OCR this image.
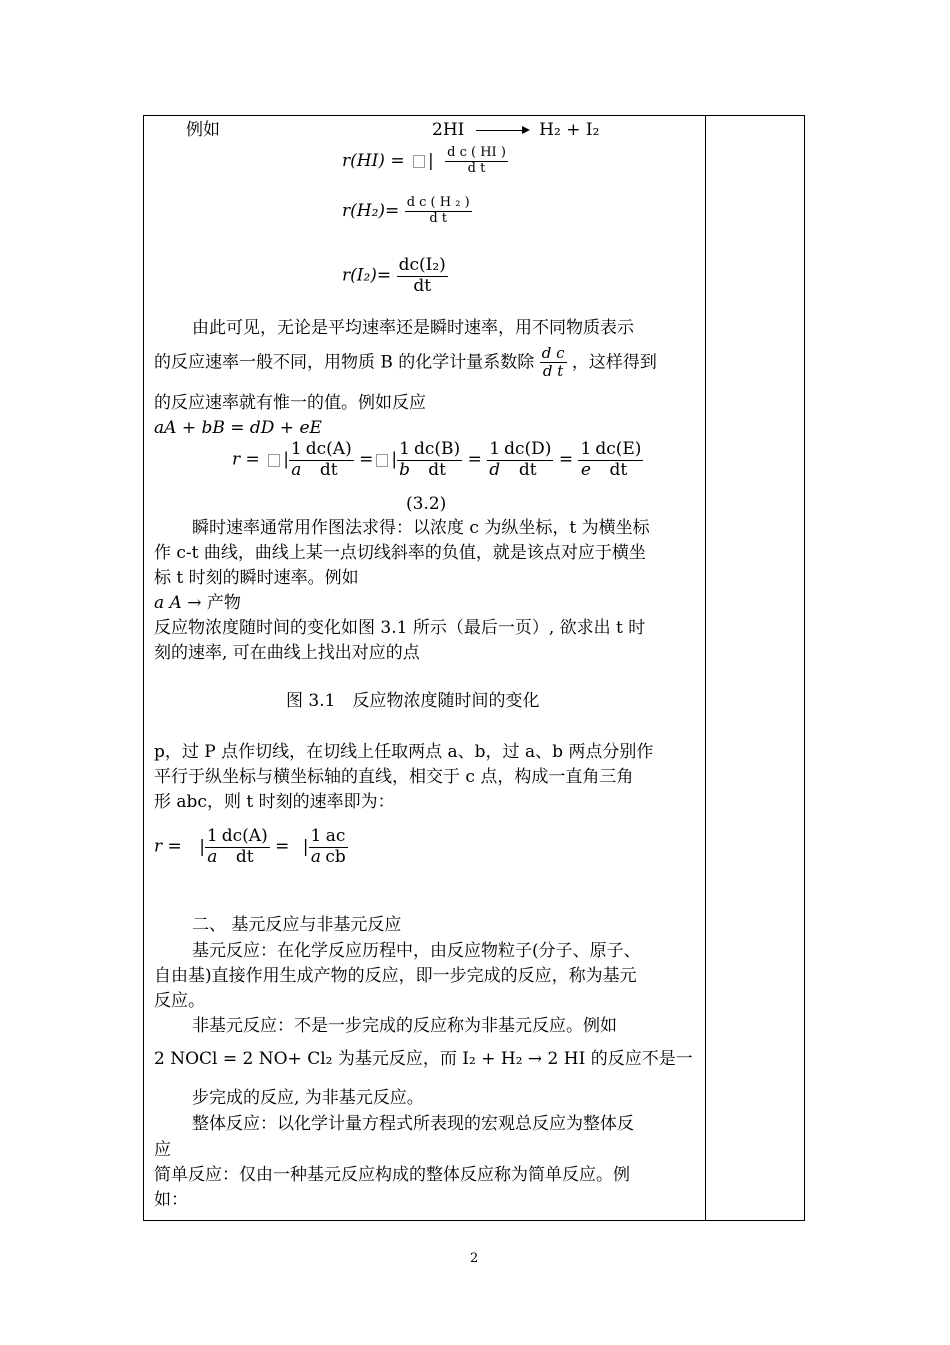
例如	2HI	H₂ + I₂
r(HI) = | $\frac{\text{d c ( HI )}}{\text{d t}}$
$r(H_2)= \frac{\text{d c ( H ₂ )}}{\text{d t}}$
$r(I_2)= \frac{\text{dc(I₂)}}{dt}$
由此可见，无论是平均速率还是瞬时速率，用不同物质表示
的反应速率一般不同，用物质 B 的化学计量系数除 $\frac{\text{d c}}{\text{d t}}$ ，这样得到
的反应速率就有惟一的值。例如反应
aA + bB = dD + eE
r = | $\frac{1}{a} \frac{dc(A)}{dt}$ = | $\frac{1}{b} \frac{dc(B)}{dt} = \frac{1}{d} \frac{dc(D)}{dt} = \frac{1}{e} \frac{dc(E)}{dt}$
(3.2)
瞬时速率通常用作图法求得：以浓度 c 为纵坐标，t 为横坐标
作 c-t 曲线，曲线上某一点切线斜率的负值，就是该点对应于横坐
标 t 时刻的瞬时速率。例如
a A → 产物
反应物浓度随时间的变化如图 3.1 所示（最后一页）, 欲求出 t 时
刻的速率, 可在曲线上找出对应的点
图 3.1　反应物浓度随时间的变化
p，过 P 点作切线，在切线上任取两点 a、b，过 a、b 两点分别作
平行于纵坐标与横坐标轴的直线，相交于 c 点，构成一直角三角
形 abc，则 t 时刻的速率即为：
r = | $\frac{1}{a} \frac{dc(A)}{dt}$ = | $\frac{1}{a} \frac{ac}{cb}$
二、 基元反应与非基元反应
基元反应：在化学反应历程中，由反应物粒子(分子、原子、
自由基)直接作用生成产物的反应，即一步完成的反应，称为基元
反应。
非基元反应：不是一步完成的反应称为非基元反应。例如
2 NOCl = 2 NO+ Cl₂ 为基元反应，而 I₂ + H₂ → 2 HI 的反应不是一
步完成的反应, 为非基元反应。
整体反应：以化学计量方程式所表现的宏观总反应为整体反
应
简单反应：仅由一种基元反应构成的整体反应称为简单反应。例
如：
2
